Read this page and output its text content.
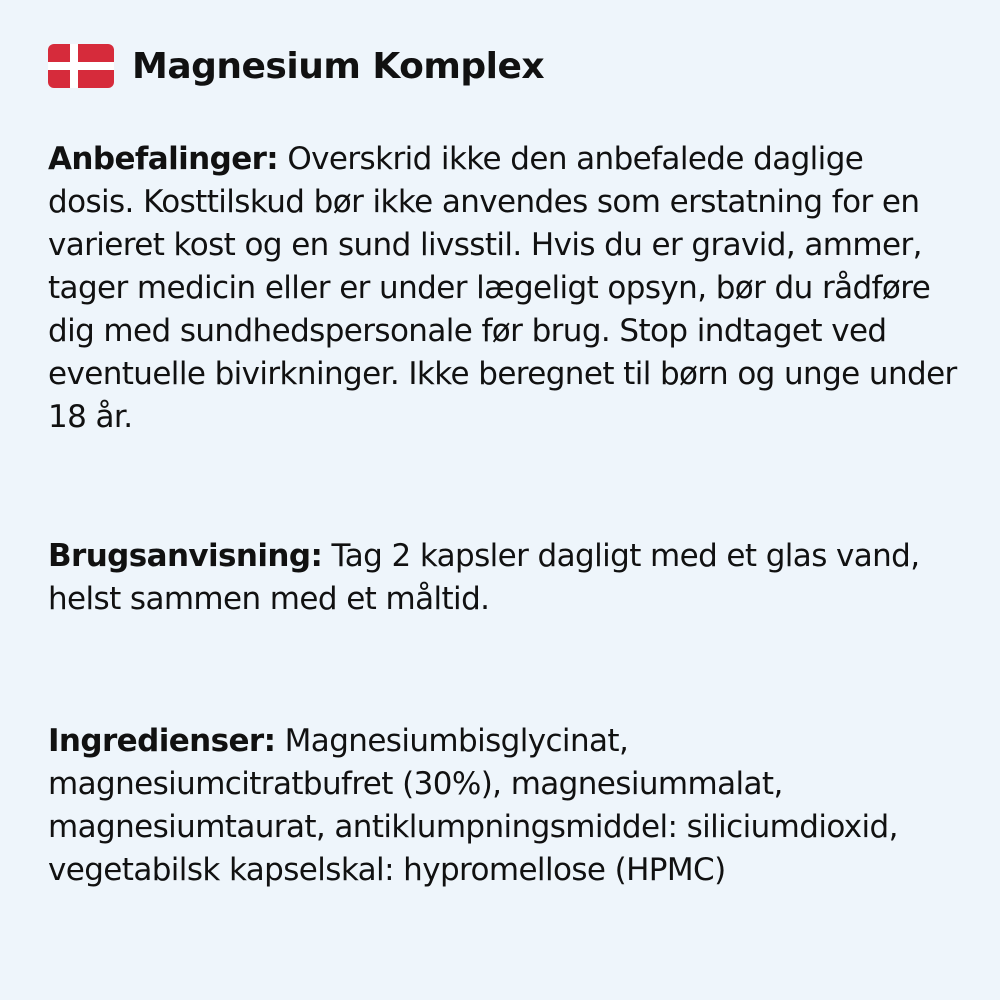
Magnesium Komplex
Anbefalinger: Overskrid ikke den anbefalede daglige dosis. Kosttilskud bør ikke anvendes som erstatning for en varieret kost og en sund livsstil. Hvis du er gravid, ammer, tager medicin eller er under lægeligt opsyn, bør du rådføre dig med sundhedspersonale før brug. Stop indtaget ved eventuelle bivirkninger. Ikke beregnet til børn og unge under 18 år.
Brugsanvisning: Tag 2 kapsler dagligt med et glas vand, helst sammen med et måltid.
Ingredienser: Magnesiumbisglycinat, magnesiumcitratbufret (30%), magnesiummalat, magnesiumtaurat, antiklumpningsmiddel: siliciumdioxid, vegetabilsk kapselskal: hypromellose (HPMC)
